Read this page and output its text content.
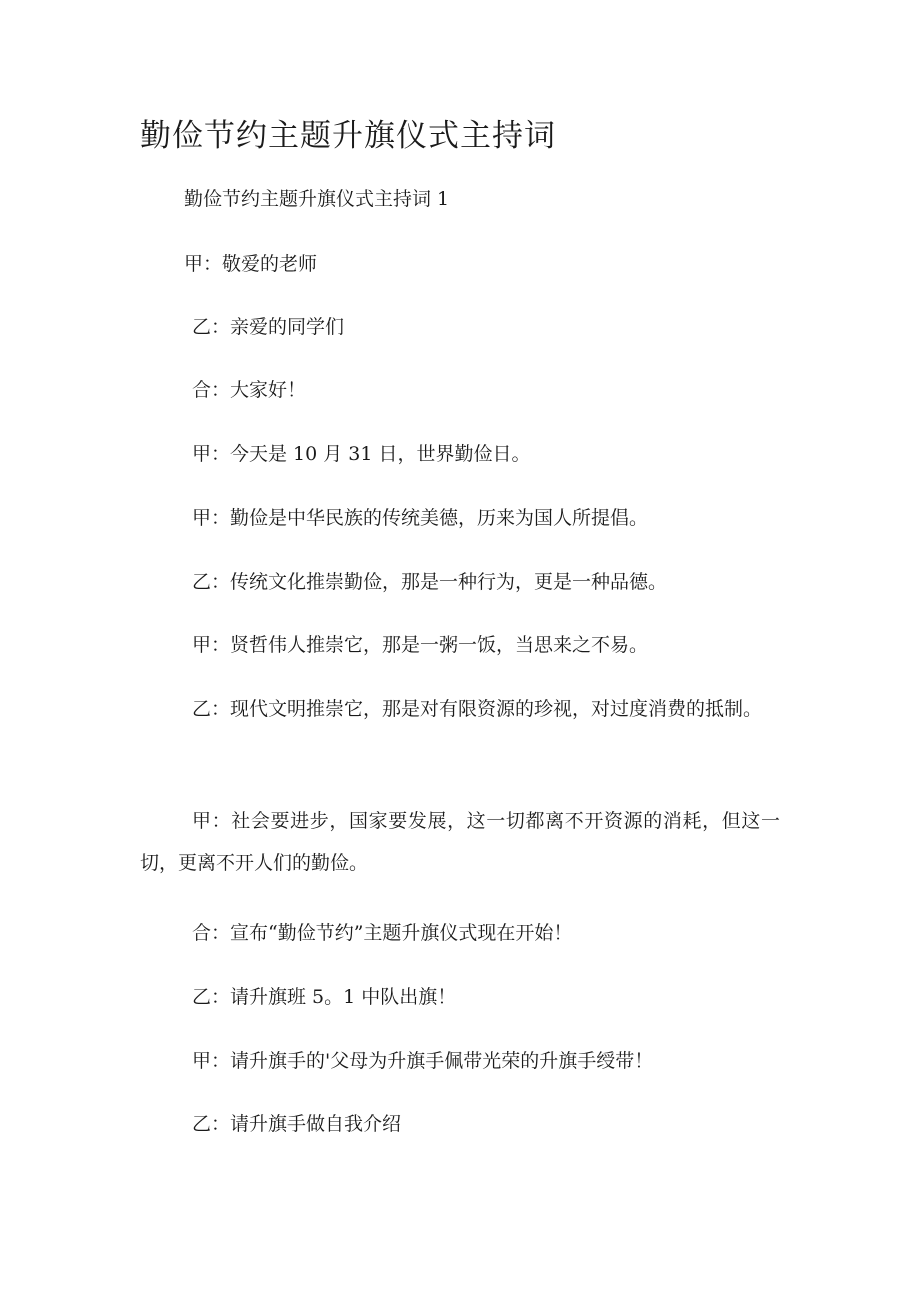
勤俭节约主题升旗仪式主持词

勤俭节约主题升旗仪式主持词 1

甲：敬爱的老师

乙：亲爱的同学们

合：大家好！

甲：今天是 10 月 31 日，世界勤俭日。

甲：勤俭是中华民族的传统美德，历来为国人所提倡。

乙：传统文化推崇勤俭，那是一种行为，更是一种品德。

甲：贤哲伟人推崇它，那是一粥一饭，当思来之不易。

乙：现代文明推崇它，那是对有限资源的珍视，对过度消费的抵制。

甲：社会要进步，国家要发展，这一切都离不开资源的消耗，但这一切，更离不开人们的勤俭。

合：宣布“勤俭节约”主题升旗仪式现在开始！

乙：请升旗班 5。1 中队出旗！

甲：请升旗手的'父母为升旗手佩带光荣的升旗手绶带！

乙：请升旗手做自我介绍
